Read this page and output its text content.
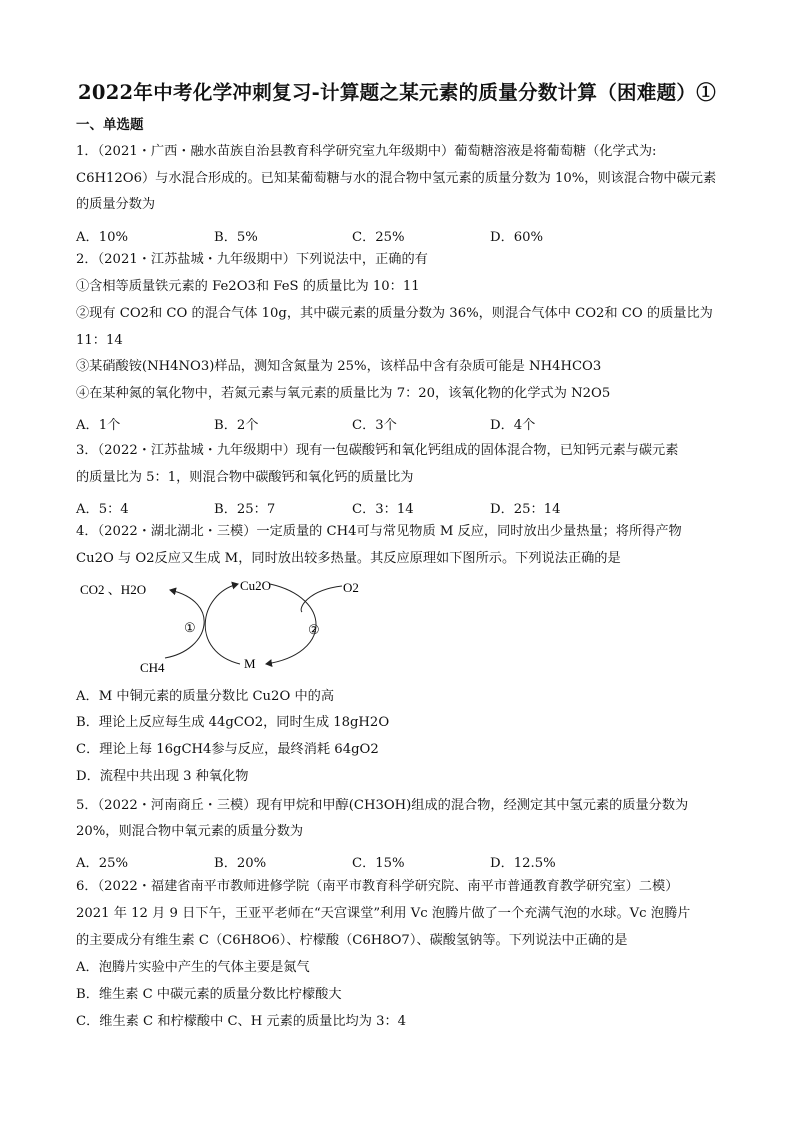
2022年中考化学冲刺复习-计算题之某元素的质量分数计算（困难题）①
一、单选题
1．（2021・广西・融水苗族自治县教育科学研究室九年级期中）葡萄糖溶液是将葡萄糖（化学式为:
C6H12O6）与水混合形成的。已知某葡萄糖与水的混合物中氢元素的质量分数为 10%，则该混合物中碳元素
的质量分数为
A．10%	B．5%	C．25%	D．60%
2．（2021・江苏盐城・九年级期中）下列说法中，正确的有
①含相等质量铁元素的 Fe2O3和 FeS 的质量比为 10：11
②现有 CO2和 CO 的混合气体 10g，其中碳元素的质量分数为 36%，则混合气体中 CO2和 CO 的质量比为
11：14
③某硝酸铵(NH4NO3)样品，测知含氮量为 25%，该样品中含有杂质可能是 NH4HCO3
④在某种氮的氧化物中，若氮元素与氧元素的质量比为 7：20，该氧化物的化学式为 N2O5
A．1个	B．2个	C．3个	D．4个
3．（2022・江苏盐城・九年级期中）现有一包碳酸钙和氧化钙组成的固体混合物，已知钙元素与碳元素
的质量比为 5：1，则混合物中碳酸钙和氧化钙的质量比为
A．5：4	B．25：7	C．3：14	D．25：14
4．（2022・湖北湖北・三模）一定质量的 CH4可与常见物质 M 反应，同时放出少量热量；将所得产物
Cu2O 与 O2反应又生成 M，同时放出较多热量。其反应原理如下图所示。下列说法正确的是
CO2 、H2O	Cu2O	O2
CH4	M
①	②
A．M 中铜元素的质量分数比 Cu2O 中的高
B．理论上反应每生成 44gCO2，同时生成 18gH2O
C．理论上每 16gCH4参与反应，最终消耗 64gO2
D．流程中共出现 3 种氧化物
5．（2022・河南商丘・三模）现有甲烷和甲醇(CH3OH)组成的混合物，经测定其中氢元素的质量分数为
20%，则混合物中氧元素的质量分数为
A．25%	B．20%	C．15%	D．12.5%
6．（2022・福建省南平市教师进修学院（南平市教育科学研究院、南平市普通教育教学研究室）二模）
2021 年 12 月 9 日下午，王亚平老师在“天宫课堂”利用 Vc 泡腾片做了一个充满气泡的水球。Vc 泡腾片
的主要成分有维生素 C（C6H8O6）、柠檬酸（C6H8O7）、碳酸氢钠等。下列说法中正确的是
A．泡腾片实验中产生的气体主要是氮气
B．维生素 C 中碳元素的质量分数比柠檬酸大
C．维生素 C 和柠檬酸中 C、H 元素的质量比均为 3：4
